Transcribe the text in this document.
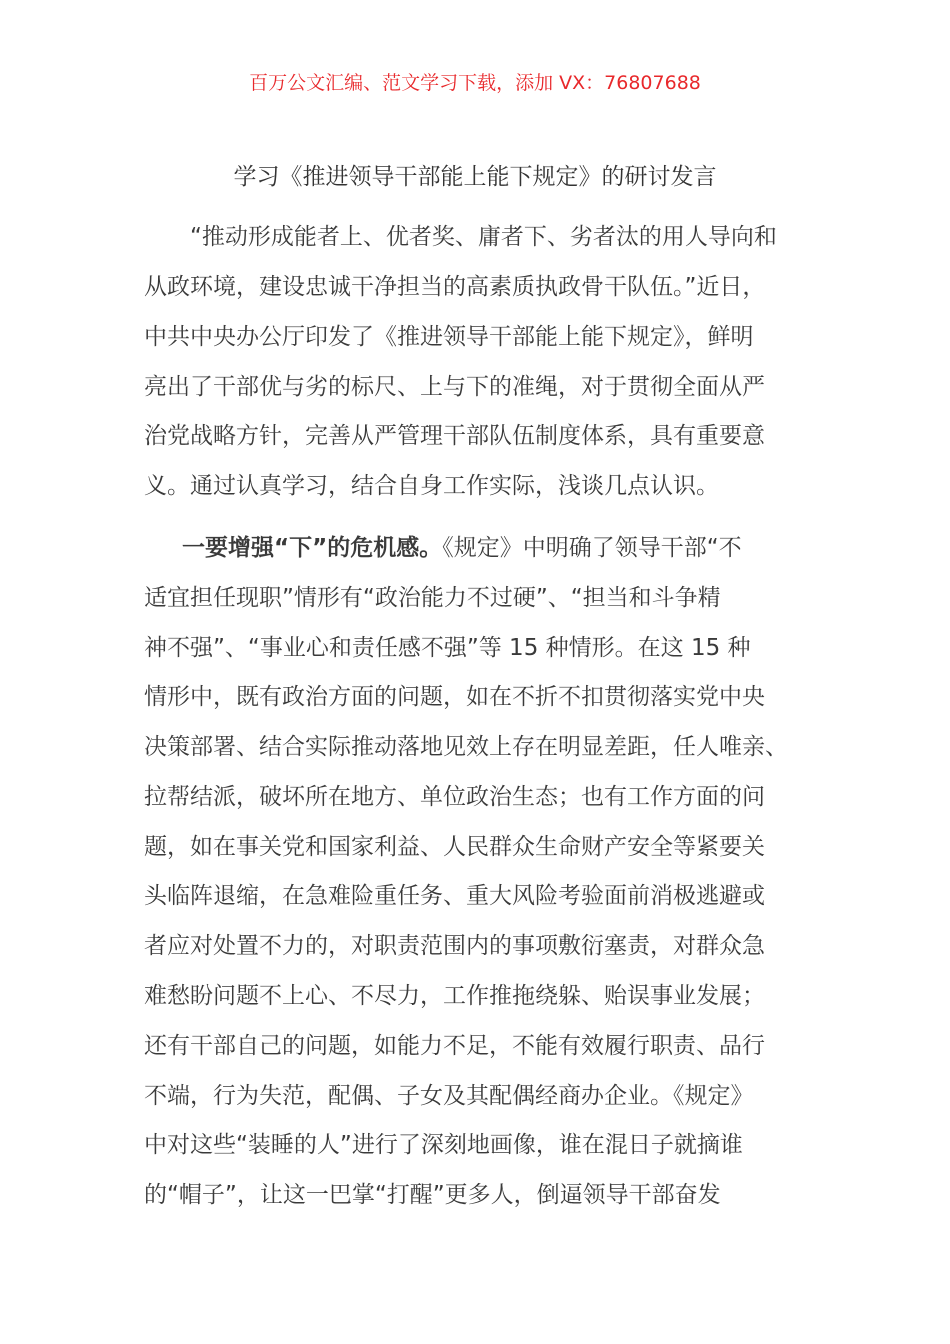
百万公文汇编、范文学习下载，添加 VX：76807688
学习《推进领导干部能上能下规定》的研讨发言
“推动形成能者上、优者奖、庸者下、劣者汰的用人导向和
从政环境，建设忠诚干净担当的高素质执政骨干队伍。”近日，
中共中央办公厅印发了《推进领导干部能上能下规定》，鲜明
亮出了干部优与劣的标尺、上与下的准绳，对于贯彻全面从严
治党战略方针，完善从严管理干部队伍制度体系，具有重要意
义。通过认真学习，结合自身工作实际，浅谈几点认识。
一要增强“下”的危机感。《规定》中明确了领导干部“不
适宜担任现职”情形有“政治能力不过硬”、“担当和斗争精
神不强”、“事业心和责任感不强”等 15 种情形。在这 15 种
情形中，既有政治方面的问题，如在不折不扣贯彻落实党中央
决策部署、结合实际推动落地见效上存在明显差距，任人唯亲、
拉帮结派，破坏所在地方、单位政治生态；也有工作方面的问
题，如在事关党和国家利益、人民群众生命财产安全等紧要关
头临阵退缩，在急难险重任务、重大风险考验面前消极逃避或
者应对处置不力的，对职责范围内的事项敷衍塞责，对群众急
难愁盼问题不上心、不尽力，工作推拖绕躲、贻误事业发展；
还有干部自己的问题，如能力不足，不能有效履行职责、品行
不端，行为失范，配偶、子女及其配偶经商办企业。《规定》
中对这些“装睡的人”进行了深刻地画像，谁在混日子就摘谁
的“帽子”，让这一巴掌“打醒”更多人，倒逼领导干部奋发
